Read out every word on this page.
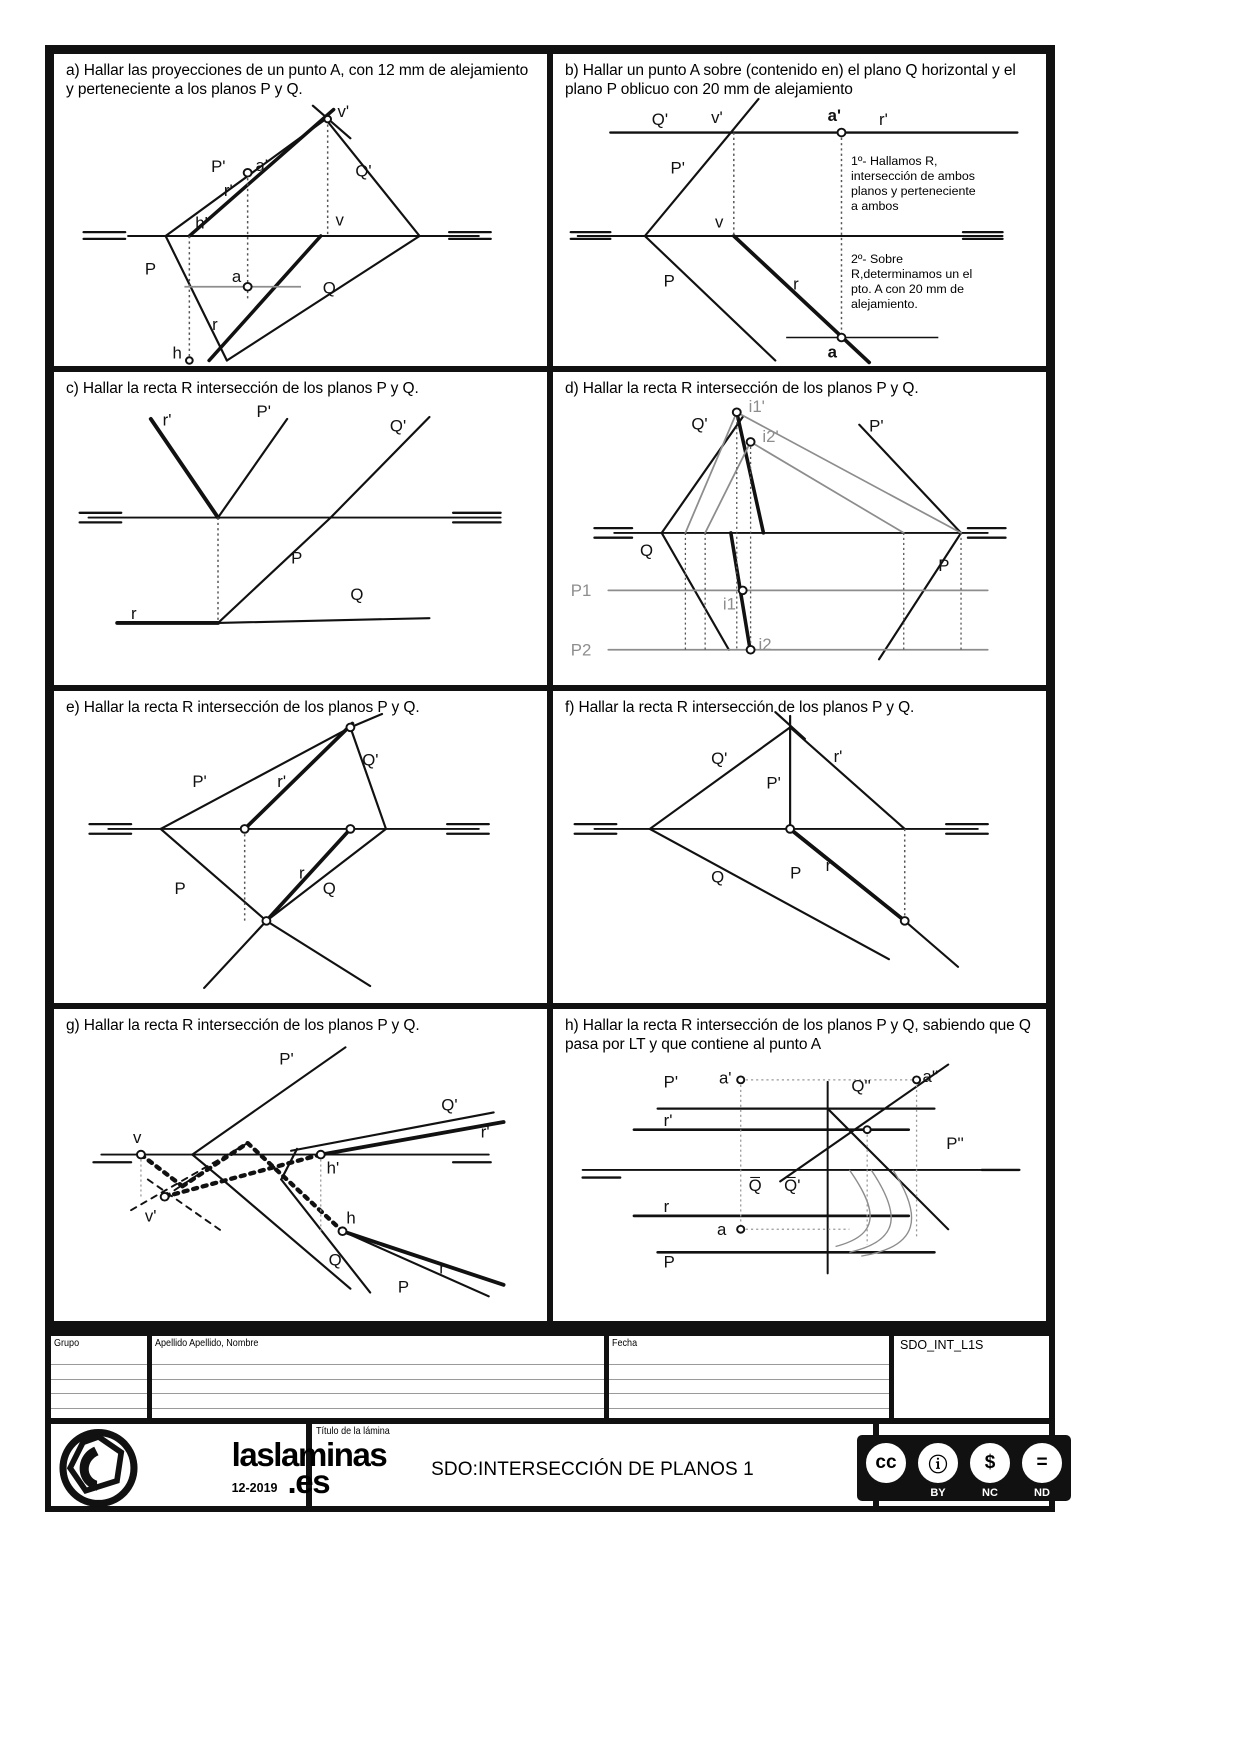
a) Hallar las proyecciones de un punto A, con 12 mm de alejamiento y perteneciente a los planos P y Q.
P'	Q'
P
Q
r'
r
a'
a
v'
v
h'
h
b) Hallar un punto A sobre (contenido en) el plano Q horizontal y el plano P oblicuo con 20 mm de alejamiento
Q'	v'	a' r'
P'
v
P	r
a
1º- Hallamos R, intersección de ambos planos y perteneciente a ambos
2º- Sobre R,determinamos un el pto. A con 20 mm de alejamiento.
c) Hallar la recta R intersección de los planos P y Q.
r'	P'
Q'
P
Q
r
d) Hallar la recta R intersección de los planos P y Q.
Q'	P'
Q
P
i1'
i2'
i1
i2
P1
P2
e) Hallar la recta R intersección de los planos P y Q.
P'	r'
Q'
P
r
Q
f) Hallar la recta R intersección de los planos P y Q.
Q'
P'
r'
Q	P r
g) Hallar la recta R intersección de los planos P y Q.
v
P'
Q'
r'
v'
h'
h
Q	r
P
h) Hallar la recta R intersección de los planos P y Q, sabiendo que Q pasa por LT y que contiene al punto A
P' a'	Q''
a''
r'
P''
Q̅ Q̅'
r
a
P
Grupo	Apellido Apellido, Nombre	Fecha	SDO_INT_L1S
laslaminas
12-2019 .es
Título de la lámina
SDO:INTERSECCIÓN DE PLANOS 1	cc
	ⓘ
BY
$
NC
=
ND
